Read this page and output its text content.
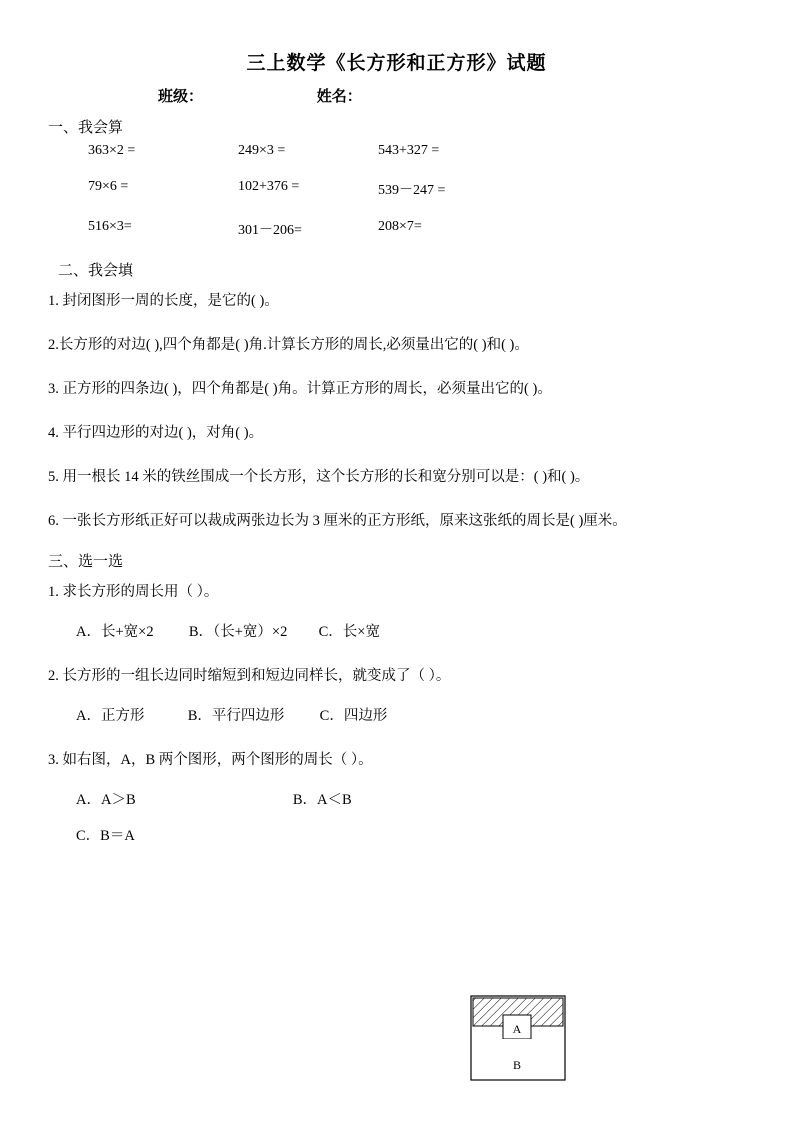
三上数学《长方形和正方形》试题
班级：	姓名：
一、我会算
363×2 =	249×3 =	543+327 =
79×6 =	102+376 =	539－247 =
516×3=	301－206=	208×7=
二、我会填
1. 封闭图形一周的长度，是它的( )。
2.长方形的对边( ),四个角都是( )角.计算长方形的周长,必须量出它的( )和( )。
3. 正方形的四条边( )，四个角都是( )角。计算正方形的周长，必须量出它的( )。
4. 平行四边形的对边( )，对角( )。
5. 用一根长 14 米的铁丝围成一个长方形，这个长方形的长和宽分别可以是：( )和( )。
6. 一张长方形纸正好可以裁成两张边长为 3 厘米的正方形纸，原来这张纸的周长是( )厘米。
三、选一选
1. 求长方形的周长用（ ）。
A．长+宽×2 B．（长+宽）×2 C．长×宽
2. 长方形的一组长边同时缩短到和短边同样长，就变成了（ ）。
A．正方形	B．平行四边形 C．四边形
3. 如右图，A，B 两个图形，两个图形的周长（ ）。
A．A＞B	B．A＜B
C．B＝A
A
B
